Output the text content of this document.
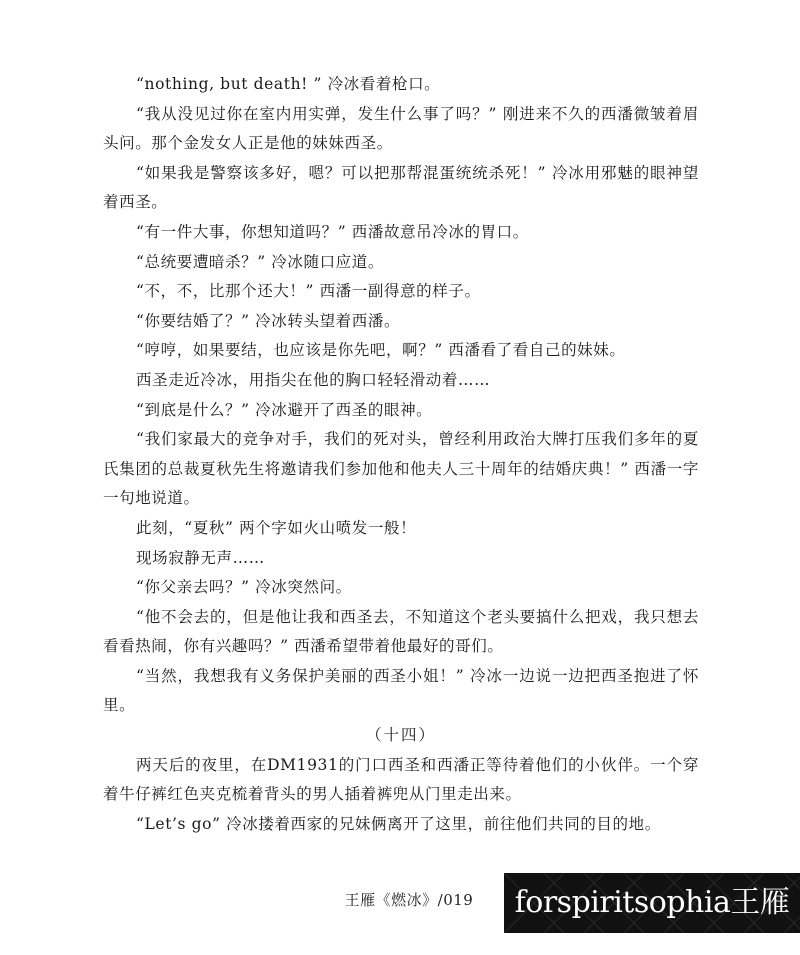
“nothing, but death! ” 冷冰看着枪口。

“我从没见过你在室内用实弹，发生什么事了吗？” 刚进来不久的西潘微皱着眉头问。那个金发女人正是他的妹妹西圣。

“如果我是警察该多好，嗯？可以把那帮混蛋统统杀死！” 冷冰用邪魅的眼神望着西圣。

“有一件大事，你想知道吗？” 西潘故意吊冷冰的胃口。

“总统要遭暗杀？” 冷冰随口应道。

“不，不，比那个还大！” 西潘一副得意的样子。

“你要结婚了？” 冷冰转头望着西潘。

“哼哼，如果要结，也应该是你先吧，啊？” 西潘看了看自己的妹妹。

西圣走近冷冰，用指尖在他的胸口轻轻滑动着……

“到底是什么？” 冷冰避开了西圣的眼神。

“我们家最大的竞争对手，我们的死对头，曾经利用政治大牌打压我们多年的夏氏集团的总裁夏秋先生将邀请我们参加他和他夫人三十周年的结婚庆典！” 西潘一字一句地说道。

此刻，“夏秋” 两个字如火山喷发一般！

现场寂静无声……

“你父亲去吗？” 冷冰突然问。

“他不会去的，但是他让我和西圣去，不知道这个老头要搞什么把戏，我只想去看看热闹，你有兴趣吗？” 西潘希望带着他最好的哥们。

“当然，我想我有义务保护美丽的西圣小姐！” 冷冰一边说一边把西圣抱进了怀里。

（十四）

两天后的夜里，在DM1931的门口西圣和西潘正等待着他们的小伙伴。一个穿着牛仔裤红色夹克梳着背头的男人插着裤兜从门里走出来。

“Let’s go” 冷冰搂着西家的兄妹俩离开了这里，前往他们共同的目的地。

王雁《燃冰》/019	forspiritsophia王雁
